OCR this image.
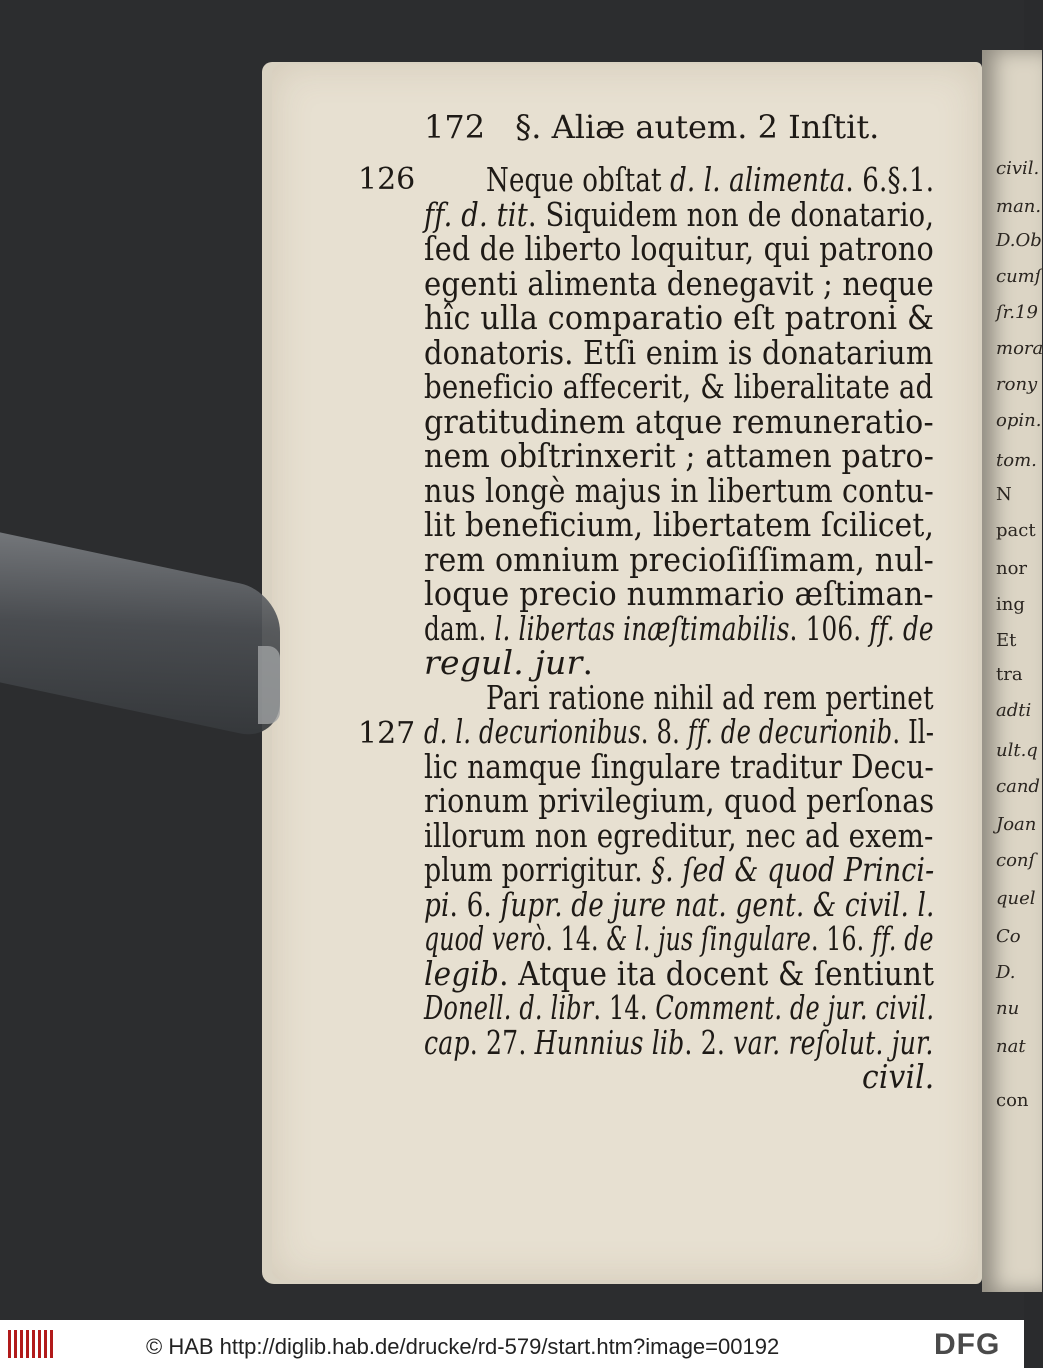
172 §. Aliæ autem. 2 Inſtit.
126
127
Neque obſtat d. l. alimenta. 6.§.1.
ff. d. tit. Siquidem non de donatario,
ſed de liberto loquitur, qui patrono
egenti alimenta denegavit ; neque
hîc ulla comparatio eſt patroni &
donatoris. Etſi enim is donatarium
beneficio affecerit, & liberalitate ad
gratitudinem atque remuneratio-
nem obſtrinxerit ; attamen patro-
nus longè majus in libertum contu-
lit beneficium, libertatem ſcilicet,
rem omnium precioſiſſimam, nul-
loque precio nummario æſtiman-
dam. l. libertas inæſtimabilis. 106. ff. de
regul. jur.
Pari ratione nihil ad rem pertinet
d. l. decurionibus. 8. ff. de decurionib. Il-
lic namque ſingulare traditur Decu-
rionum privilegium, quod perſonas
illorum non egreditur, nec ad exem-
plum porrigitur. §. ſed & quod Princi-
pi. 6. ſupr. de jure nat. gent. & civil. l.
quod verò. 14. & l. jus ſingulare. 16. ff. de
legib. Atque ita docent & ſentiunt
Donell. d. libr. 14. Comment. de jur. civil.
cap. 27. Hunnius lib. 2. var. reſolut. jur.
civil.
civil.
man.
D.Ob
cumſ
ſr.19
mora
rony
opin.
tom.
N
pact
nor
ing
Et
tra
adti
ult.q
cand
Joan
conſ
quel
Co
D.
nu
nat
con
© HAB http://diglib.hab.de/drucke/rd-579/start.htm?image=00192	DFG
